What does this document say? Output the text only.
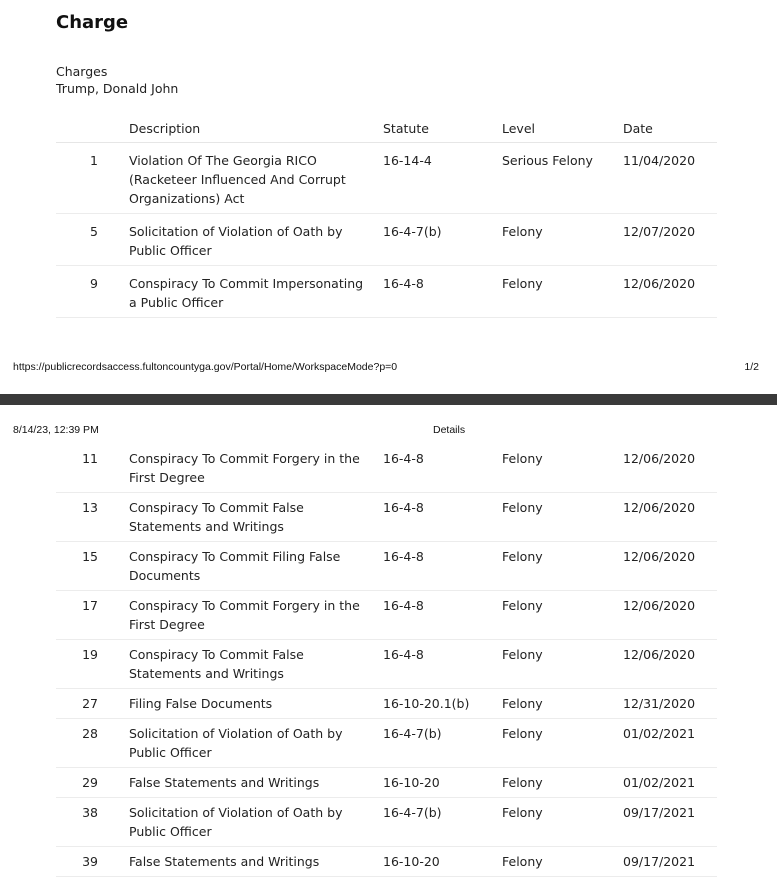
Charge
Charges
Trump, Donald John
	Description	Statute	Level	Date
1	Violation Of The Georgia RICO (Racketeer Influenced And Corrupt Organizations) Act	16-14-4	Serious Felony	11/04/2020
5	Solicitation of Violation of Oath by Public Officer	16-4-7(b)	Felony	12/07/2020
9	Conspiracy To Commit Impersonating a Public Officer	16-4-8	Felony	12/06/2020
https://publicrecordsaccess.fultoncountyga.gov/Portal/Home/WorkspaceMode?p=0	1/2
8/14/23, 12:39 PM	Details
11	Conspiracy To Commit Forgery in the First Degree	16-4-8	Felony	12/06/2020
13	Conspiracy To Commit False Statements and Writings	16-4-8	Felony	12/06/2020
15	Conspiracy To Commit Filing False Documents	16-4-8	Felony	12/06/2020
17	Conspiracy To Commit Forgery in the First Degree	16-4-8	Felony	12/06/2020
19	Conspiracy To Commit False Statements and Writings	16-4-8	Felony	12/06/2020
27	Filing False Documents	16-10-20.1(b)	Felony	12/31/2020
28	Solicitation of Violation of Oath by Public Officer	16-4-7(b)	Felony	01/02/2021
29	False Statements and Writings	16-10-20	Felony	01/02/2021
38	Solicitation of Violation of Oath by Public Officer	16-4-7(b)	Felony	09/17/2021
39	False Statements and Writings	16-10-20	Felony	09/17/2021
